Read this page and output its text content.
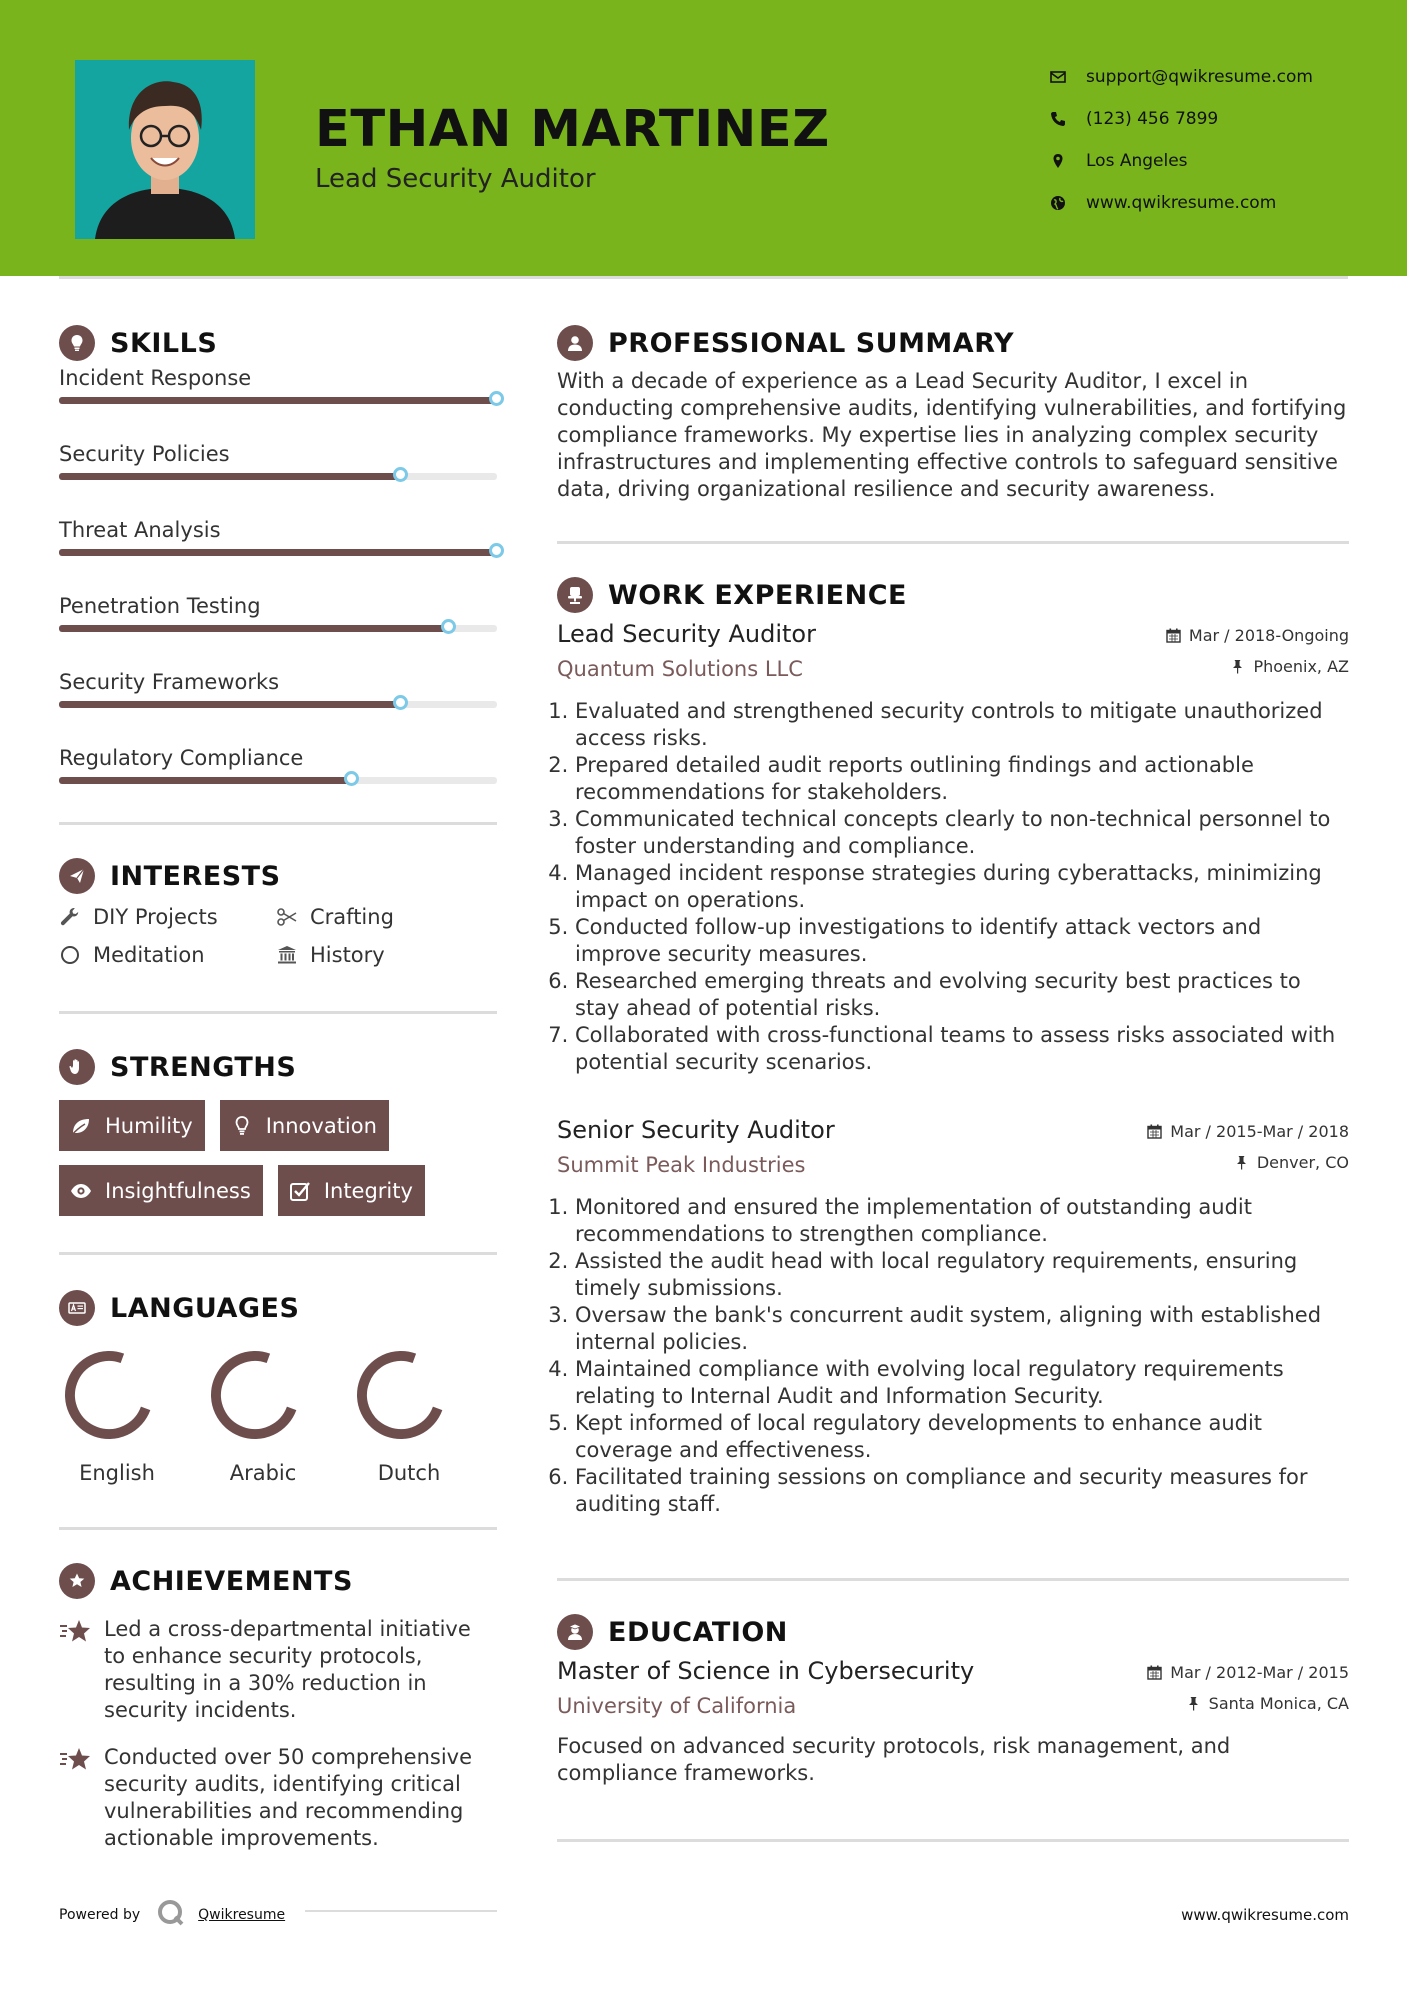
ETHAN MARTINEZ
Lead Security Auditor
support@qwikresume.com
(123) 456 7899
Los Angeles
www.qwikresume.com
SKILLS
Incident Response
Security Policies
Threat Analysis
Penetration Testing
Security Frameworks
Regulatory Compliance
INTERESTS
DIY Projects	Crafting
Meditation	History
STRENGTHS
Humility	Innovation
Insightfulness	Integrity
LANGUAGES
English	Arabic	Dutch
ACHIEVEMENTS
Led a cross-departmental initiative to enhance security protocols, resulting in a 30% reduction in security incidents.
Conducted over 50 comprehensive security audits, identifying critical vulnerabilities and recommending actionable improvements.
PROFESSIONAL SUMMARY
With a decade of experience as a Lead Security Auditor, I excel in conducting comprehensive audits, identifying vulnerabilities, and fortifying compliance frameworks. My expertise lies in analyzing complex security infrastructures and implementing effective controls to safeguard sensitive data, driving organizational resilience and security awareness.
WORK EXPERIENCE
Lead Security Auditor
Quantum Solutions LLC
Mar / 2018-Ongoing
Phoenix, AZ
1. Evaluated and strengthened security controls to mitigate unauthorized access risks.
2. Prepared detailed audit reports outlining findings and actionable recommendations for stakeholders.
3. Communicated technical concepts clearly to non-technical personnel to foster understanding and compliance.
4. Managed incident response strategies during cyberattacks, minimizing impact on operations.
5. Conducted follow-up investigations to identify attack vectors and improve security measures.
6. Researched emerging threats and evolving security best practices to stay ahead of potential risks.
7. Collaborated with cross-functional teams to assess risks associated with potential security scenarios.
Senior Security Auditor
Summit Peak Industries
Mar / 2015-Mar / 2018
Denver, CO
1. Monitored and ensured the implementation of outstanding audit recommendations to strengthen compliance.
2. Assisted the audit head with local regulatory requirements, ensuring timely submissions.
3. Oversaw the bank's concurrent audit system, aligning with established internal policies.
4. Maintained compliance with evolving local regulatory requirements relating to Internal Audit and Information Security.
5. Kept informed of local regulatory developments to enhance audit coverage and effectiveness.
6. Facilitated training sessions on compliance and security measures for auditing staff.
EDUCATION
Master of Science in Cybersecurity
University of California
Mar / 2012-Mar / 2015
Santa Monica, CA
Focused on advanced security protocols, risk management, and compliance frameworks.
Powered by	Qwikresume	www.qwikresume.com
